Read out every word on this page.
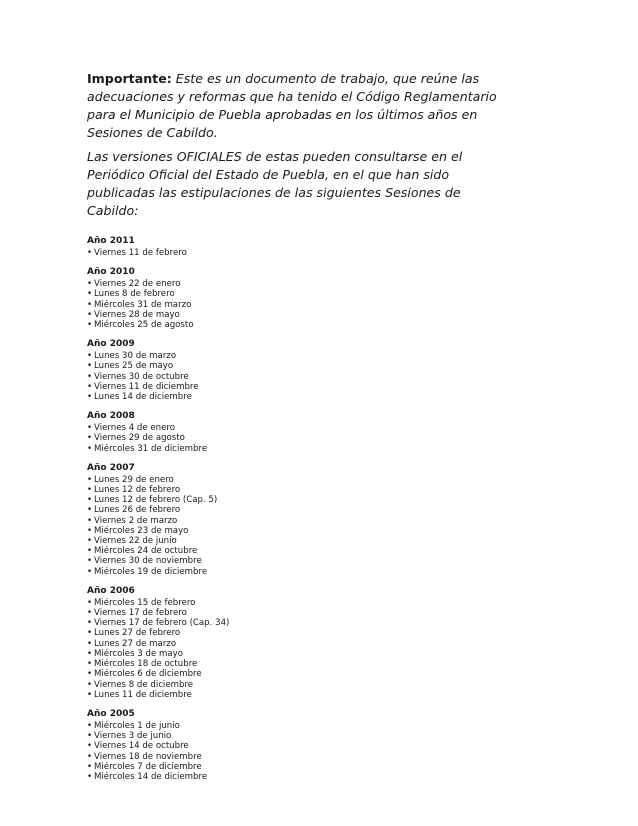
Importante: Este es un documento de trabajo, que reúne las adecuaciones y reformas que ha tenido el Código Reglamentario para el Municipio de Puebla aprobadas en los últimos años en Sesiones de Cabildo.

Las versiones OFICIALES de estas pueden consultarse en el Periódico Oficial del Estado de Puebla, en el que han sido publicadas las estipulaciones de las siguientes Sesiones de Cabildo:

Año 2011
• Viernes 11 de febrero
Año 2010
• Viernes 22 de enero
• Lunes 8 de febrero
• Miércoles 31 de marzo
• Viernes 28 de mayo
• Miércoles 25 de agosto
Año 2009
• Lunes 30 de marzo
• Lunes 25 de mayo
• Viernes 30 de octubre
• Viernes 11 de diciembre
• Lunes 14 de diciembre
Año 2008
• Viernes 4 de enero
• Viernes 29 de agosto
• Miércoles 31 de diciembre
Año 2007
• Lunes 29 de enero
• Lunes 12 de febrero
• Lunes 12 de febrero (Cap. 5)
• Lunes 26 de febrero
• Viernes 2 de marzo
• Miércoles 23 de mayo
• Viernes 22 de junio
• Miércoles 24 de octubre
• Viernes 30 de noviembre
• Miércoles 19 de diciembre
Año 2006
• Miércoles 15 de febrero
• Viernes 17 de febrero
• Viernes 17 de febrero (Cap. 34)
• Lunes 27 de febrero
• Lunes 27 de marzo
• Miércoles 3 de mayo
• Miércoles 18 de octubre
• Miércoles 6 de diciembre
• Viernes 8 de diciembre
• Lunes 11 de diciembre
Año 2005
• Miércoles 1 de junio
• Viernes 3 de junio
• Viernes 14 de octubre
• Viernes 18 de noviembre
• Miércoles 7 de diciembre
• Miércoles 14 de diciembre
